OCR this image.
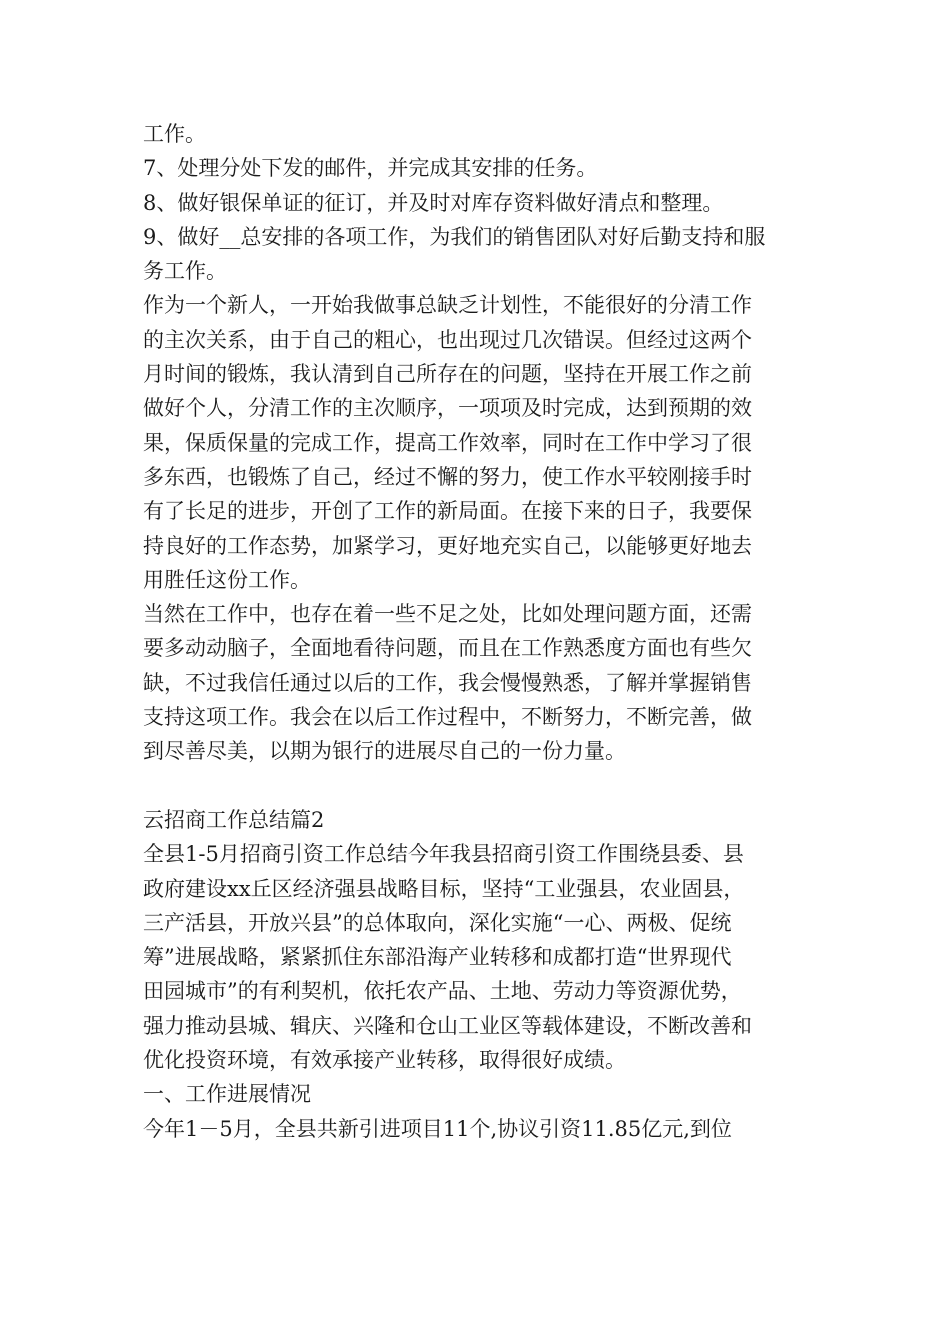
工作。
7、处理分处下发的邮件，并完成其安排的任务。
8、做好银保单证的征订，并及时对库存资料做好清点和整理。
9、做好__总安排的各项工作，为我们的销售团队对好后勤支持和服
务工作。
作为一个新人，一开始我做事总缺乏计划性，不能很好的分清工作
的主次关系，由于自己的粗心，也出现过几次错误。但经过这两个
月时间的锻炼，我认清到自己所存在的问题，坚持在开展工作之前
做好个人，分清工作的主次顺序，一项项及时完成，达到预期的效
果，保质保量的完成工作，提高工作效率，同时在工作中学习了很
多东西，也锻炼了自己，经过不懈的努力，使工作水平较刚接手时
有了长足的进步，开创了工作的新局面。在接下来的日子，我要保
持良好的工作态势，加紧学习，更好地充实自己，以能够更好地去
用胜任这份工作。
当然在工作中，也存在着一些不足之处，比如处理问题方面，还需
要多动动脑子，全面地看待问题，而且在工作熟悉度方面也有些欠
缺，不过我信任通过以后的工作，我会慢慢熟悉，了解并掌握销售
支持这项工作。我会在以后工作过程中，不断努力，不断完善，做
到尽善尽美，以期为银行的进展尽自己的一份力量。
云招商工作总结篇2
全县1-5月招商引资工作总结今年我县招商引资工作围绕县委、县
政府建设xx丘区经济强县战略目标，坚持“工业强县，农业固县，
三产活县，开放兴县”的总体取向，深化实施“一心、两极、促统
筹”进展战略，紧紧抓住东部沿海产业转移和成都打造“世界现代
田园城市”的有利契机，依托农产品、土地、劳动力等资源优势，
强力推动县城、辑庆、兴隆和仓山工业区等载体建设，不断改善和
优化投资环境，有效承接产业转移，取得很好成绩。
一、工作进展情况
今年1－5月，全县共新引进项目11个,协议引资11.85亿元,到位
